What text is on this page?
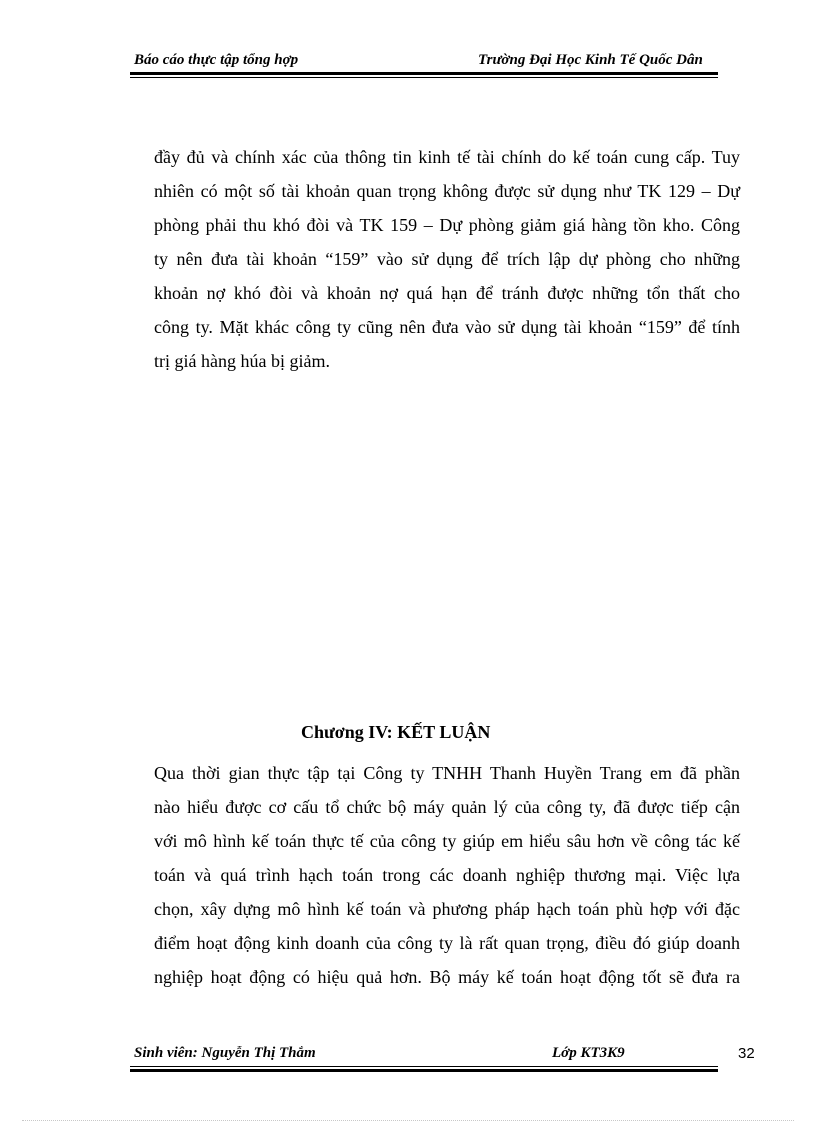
Báo cáo thực tập tổng hợp	Trường Đại Học Kinh Tế Quốc Dân
đầy đủ và chính xác của thông tin kinh tế tài chính do kế toán cung cấp. Tuy
nhiên có một số tài khoản quan trọng không được sử dụng như TK 129 – Dự
phòng phải thu khó đòi và TK 159 – Dự phòng giảm giá hàng tồn kho. Công
ty nên đưa tài khoản “159” vào sử dụng để trích lập dự phòng cho những
khoản nợ khó đòi và khoản nợ quá hạn để tránh được những tổn thất cho
công ty. Mặt khác công ty cũng nên đưa vào sử dụng tài khoản “159” để tính
trị giá hàng húa bị giảm.
Chương IV: KẾT LUẬN
Qua thời gian thực tập tại Công ty TNHH Thanh Huyền Trang em đã phần
nào hiểu được cơ cấu tổ chức bộ máy quản lý của công ty, đã được tiếp cận
với mô hình kế toán thực tế của công ty giúp em hiểu sâu hơn về công tác kế
toán và quá trình hạch toán trong các doanh nghiệp thương mại. Việc lựa
chọn, xây dựng mô hình kế toán và phương pháp hạch toán phù hợp với đặc
điểm hoạt động kinh doanh của công ty là rất quan trọng, điều đó giúp doanh
nghiệp hoạt động có hiệu quả hơn. Bộ máy kế toán hoạt động tốt sẽ đưa ra
Sinh viên: Nguyễn Thị Thắm	Lớp KT3K9	32
